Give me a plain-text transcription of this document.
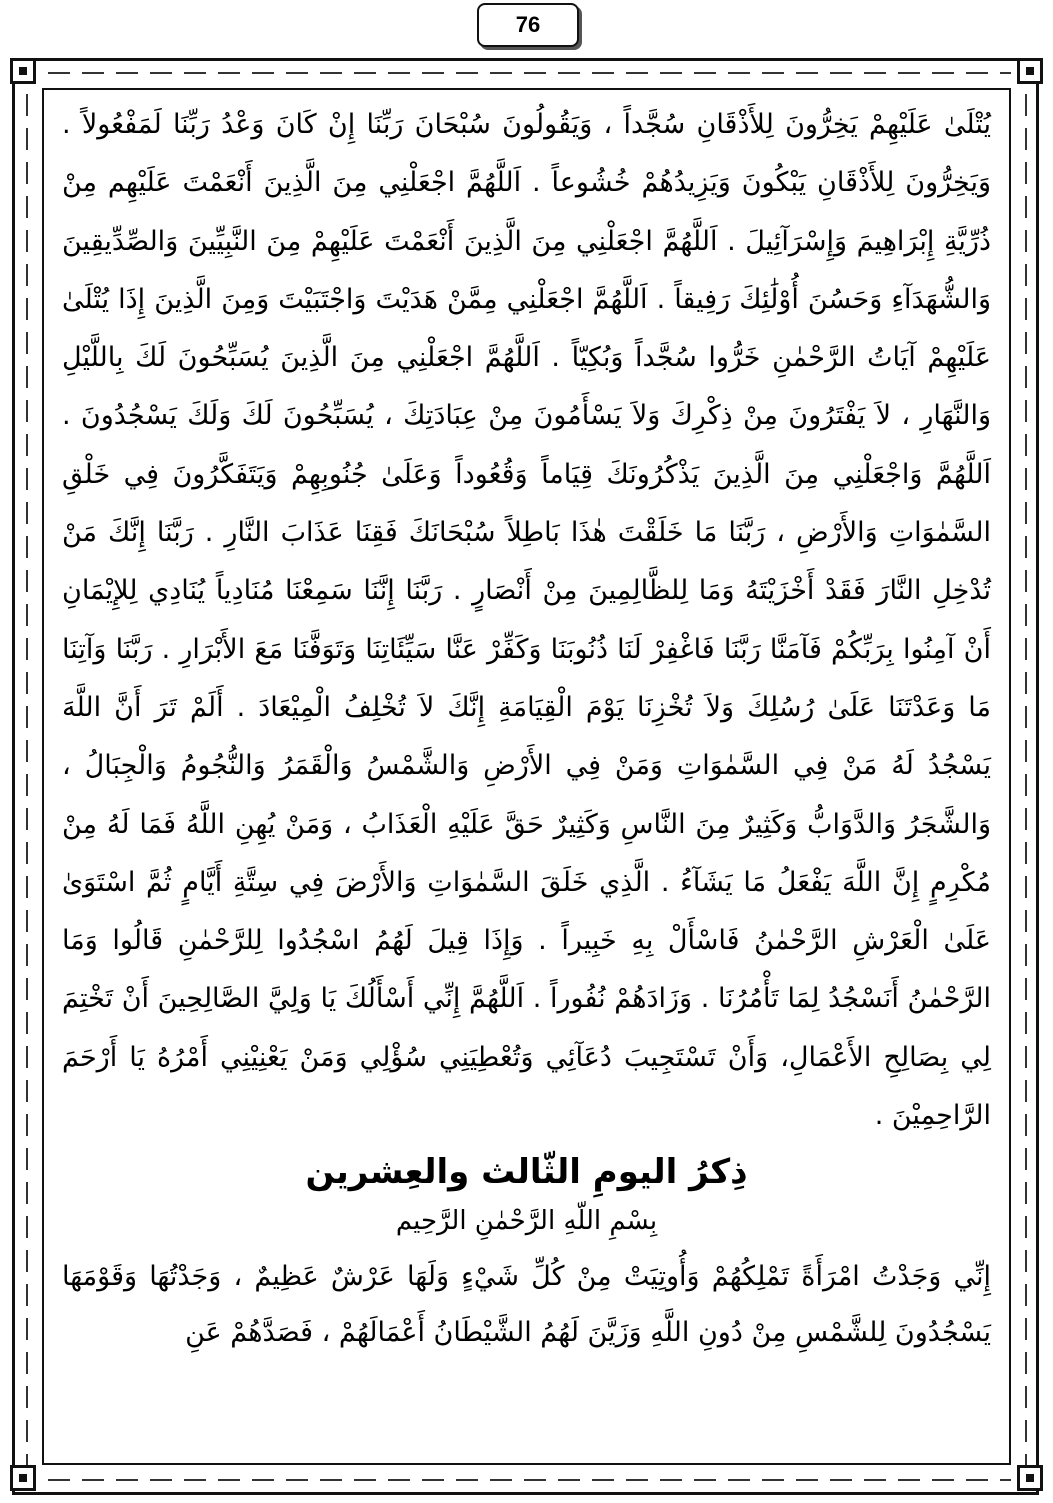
76

يُتْلَىٰ عَلَيْهِمْ يَخِرُّونَ لِلأَذْقَانِ سُجَّداً ، وَيَقُولُونَ سُبْحَانَ رَبِّنَا إِنْ كَانَ وَعْدُ رَبِّنَا لَمَفْعُولاً . وَيَخِرُّونَ لِلأَذْقَانِ يَبْكُونَ وَيَزِيدُهُمْ خُشُوعاً . اَللَّهُمَّ اجْعَلْنِي مِنَ الَّذِينَ أَنْعَمْتَ عَلَيْهِم مِنْ ذُرِّيَّةِ إِبْرَاهِيمَ وَإِسْرَآئِيلَ . اَللَّهُمَّ اجْعَلْنِي مِنَ الَّذِينَ أَنْعَمْتَ عَلَيْهِمْ مِنَ النَّبِيِّينَ وَالصِّدِّيقِينَ وَالشُّهَدَآءِ وَحَسُنَ أُوْلَٰئِكَ رَفِيقاً . اَللَّهُمَّ اجْعَلْنِي مِمَّنْ هَدَيْتَ وَاجْتَبَيْتَ وَمِنَ الَّذِينَ إِذَا يُتْلَىٰ عَلَيْهِمْ آيَاتُ الرَّحْمٰنِ خَرُّوا سُجَّداً وَبُكِيّاً . اَللَّهُمَّ اجْعَلْنِي مِنَ الَّذِينَ يُسَبِّحُونَ لَكَ بِاللَّيْلِ وَالنَّهَارِ ، لاَ يَفْتَرُونَ مِنْ ذِكْرِكَ وَلاَ يَسْأَمُونَ مِنْ عِبَادَتِكَ ، يُسَبِّحُونَ لَكَ وَلَكَ يَسْجُدُونَ . اَللَّهُمَّ وَاجْعَلْنِي مِنَ الَّذِينَ يَذْكُرُونَكَ قِيَاماً وَقُعُوداً وَعَلَىٰ جُنُوبِهِمْ وَيَتَفَكَّرُونَ فِي خَلْقِ السَّمٰوَاتِ وَالأَرْضِ ، رَبَّنَا مَا خَلَقْتَ هٰذَا بَاطِلاً سُبْحَانَكَ فَقِنَا عَذَابَ النَّارِ . رَبَّنَا إِنَّكَ مَنْ تُدْخِلِ النَّارَ فَقَدْ أَخْزَيْتَهُ وَمَا لِلظَّالِمِينَ مِنْ أَنْصَارٍ . رَبَّنَا إِنَّنَا سَمِعْنَا مُنَادِياً يُنَادِي لِلإِيْمَانِ أَنْ آمِنُوا بِرَبِّكُمْ فَآمَنَّا رَبَّنَا فَاغْفِرْ لَنَا ذُنُوبَنَا وَكَفِّرْ عَنَّا سَيِّئَاتِنَا وَتَوَفَّنَا مَعَ الأَبْرَارِ . رَبَّنَا وَآتِنَا مَا وَعَدْتَنَا عَلَىٰ رُسُلِكَ وَلاَ تُخْزِنَا يَوْمَ الْقِيَامَةِ إِنَّكَ لاَ تُخْلِفُ الْمِيْعَادَ . أَلَمْ تَرَ أَنَّ اللَّهَ يَسْجُدُ لَهُ مَنْ فِي السَّمٰوَاتِ وَمَنْ فِي الأَرْضِ وَالشَّمْسُ وَالْقَمَرُ وَالنُّجُومُ وَالْجِبَالُ ، وَالشَّجَرُ وَالدَّوَابُّ وَكَثِيرٌ مِنَ النَّاسِ وَكَثِيرٌ حَقَّ عَلَيْهِ الْعَذَابُ ، وَمَنْ يُهِنِ اللَّهُ فَمَا لَهُ مِنْ مُكْرِمٍ إِنَّ اللَّهَ يَفْعَلُ مَا يَشَآءُ . الَّذِي خَلَقَ السَّمٰوَاتِ وَالأَرْضَ فِي سِتَّةِ أَيَّامٍ ثُمَّ اسْتَوَىٰ عَلَىٰ الْعَرْشِ الرَّحْمٰنُ فَاسْأَلْ بِهِ خَبِيراً . وَإِذَا قِيلَ لَهُمُ اسْجُدُوا لِلرَّحْمٰنِ قَالُوا وَمَا الرَّحْمٰنُ أَنَسْجُدُ لِمَا تَأْمُرُنَا . وَزَادَهُمْ نُفُوراً . اَللَّهُمَّ إِنِّي أَسْأَلُكَ يَا وَلِيَّ الصَّالِحِينَ أَنْ تَخْتِمَ لِي بِصَالِحِ الأَعْمَالِ، وَأَنْ تَسْتَجِيبَ دُعَآئِي وَتُعْطِيَنِي سُؤْلِي وَمَنْ يَعْنِيْنِي أَمْرُهُ يَا أَرْحَمَ الرَّاحِمِيْنَ .

ذِكرُ اليومِ الثّالث والعِشرين

بِسْمِ اللّهِ الرَّحْمٰنِ الرَّحِيم

إِنِّي وَجَدْتُ امْرَأَةً تَمْلِكُهُمْ وَأُوتِيَتْ مِنْ كُلِّ شَيْءٍ وَلَهَا عَرْشٌ عَظِيمٌ ، وَجَدْتُهَا وَقَوْمَهَا يَسْجُدُونَ لِلشَّمْسِ مِنْ دُونِ اللَّهِ وَزَيَّنَ لَهُمُ الشَّيْطَانُ أَعْمَالَهُمْ ، فَصَدَّهُمْ عَنِ
